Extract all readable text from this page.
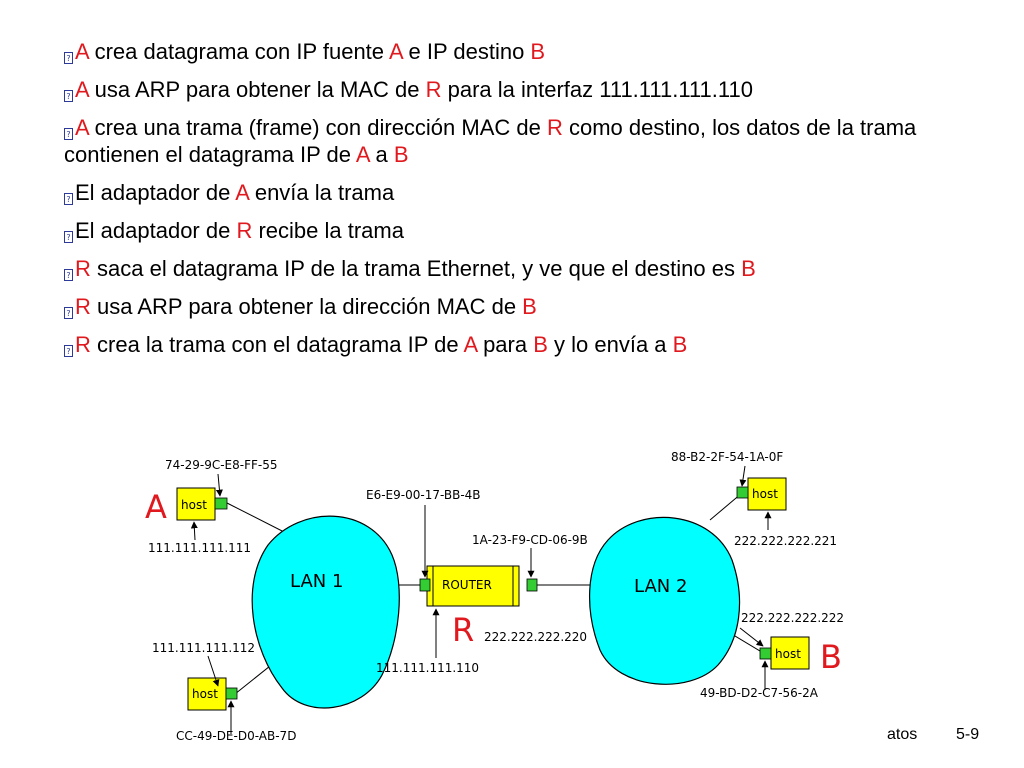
? A crea datagrama con IP fuente A e IP destino B
? A usa ARP para obtener la MAC de R para la interfaz 111.111.111.110
? A crea una trama (frame) con dirección MAC de R como destino, los datos de la trama contienen el datagrama IP de A a B
? El adaptador de A envía la trama
? El adaptador de R recibe la trama
? R saca el datagrama IP de la trama Ethernet, y ve que el destino es B
? R usa ARP para obtener la dirección MAC de B
? R crea la trama con el datagrama IP de A para B y lo envía a B
LAN 1	LAN 2
ROUTER
host
host
host
host
74-29-9C-E8-FF-55
111.111.111.111
111.111.111.112
CC-49-DE-D0-AB-7D
E6-E9-00-17-BB-4B
1A-23-F9-CD-06-9B
222.222.222.220
111.111.111.110
88-B2-2F-54-1A-0F
222.222.222.221
222.222.222.222
49-BD-D2-C7-56-2A
A
R
B
atos 5-9
